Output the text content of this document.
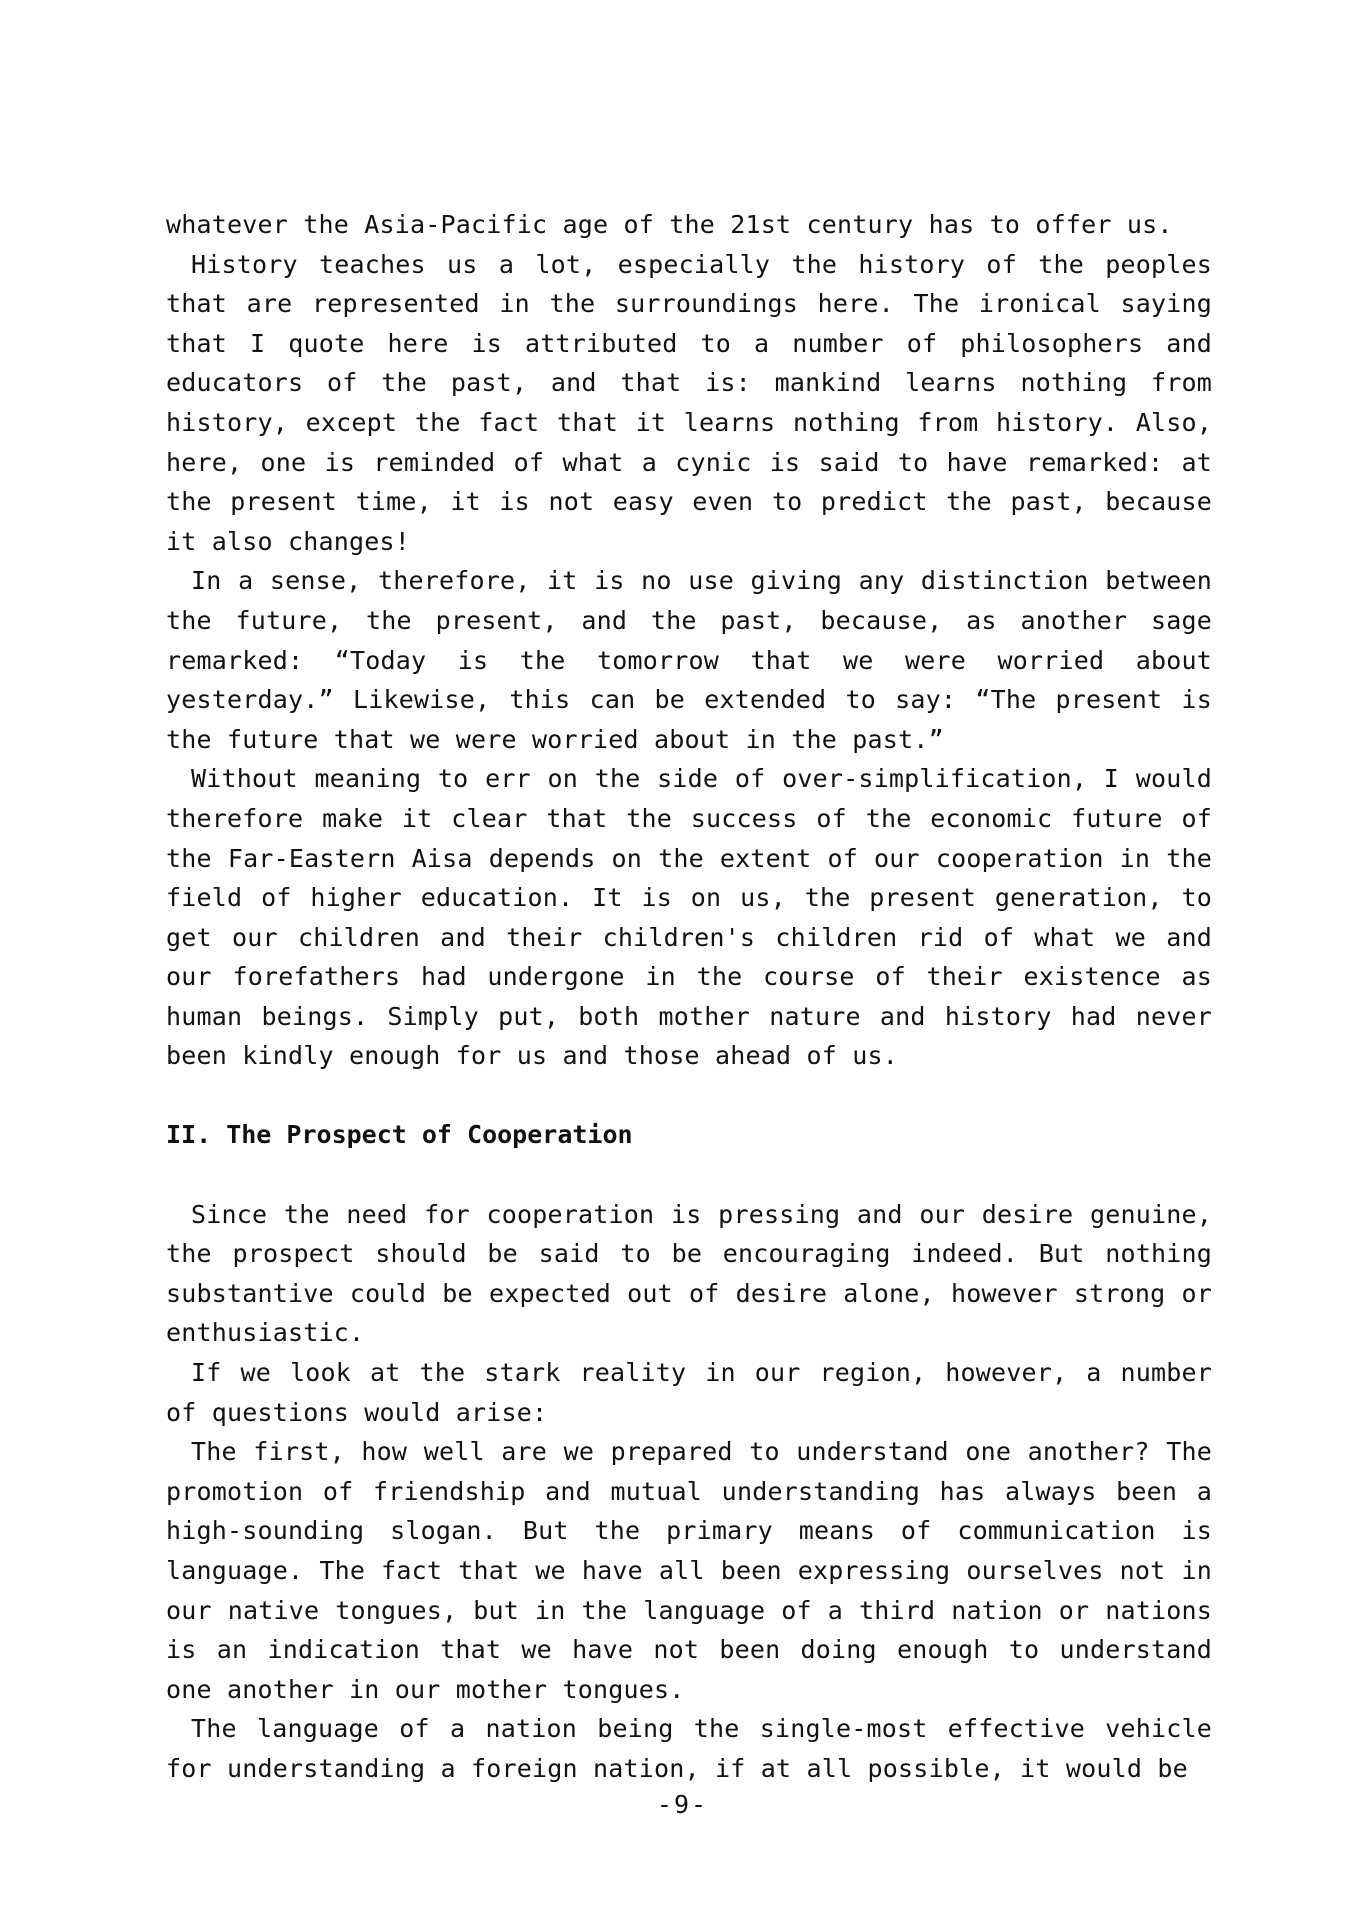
whatever the Asia-Pacific age of the 21st century has to offer us.

History teaches us a lot, especially the history of the peoples that are represented in the surroundings here. The ironical saying that I quote here is attributed to a number of philosophers and educators of the past, and that is: mankind learns nothing from history, except the fact that it learns nothing from history. Also, here, one is reminded of what a cynic is said to have remarked: at the present time, it is not easy even to predict the past, because it also changes!

In a sense, therefore, it is no use giving any distinction between the future, the present, and the past, because, as another sage remarked: “Today is the tomorrow that we were worried about yesterday.” Likewise, this can be extended to say: “The present is the future that we were worried about in the past.”

Without meaning to err on the side of over-simplification, I would therefore make it clear that the success of the economic future of the Far-Eastern Aisa depends on the extent of our cooperation in the field of higher education. It is on us, the present generation, to get our children and their children's children rid of what we and our forefathers had undergone in the course of their existence as human beings. Simply put, both mother nature and history had never been kindly enough for us and those ahead of us.

II. The Prospect of Cooperation

Since the need for cooperation is pressing and our desire genuine, the prospect should be said to be encouraging indeed. But nothing substantive could be expected out of desire alone, however strong or enthusiastic.

If we look at the stark reality in our region, however, a number of questions would arise:

The first, how well are we prepared to understand one another? The promotion of friendship and mutual understanding has always been a high-sounding slogan. But the primary means of communication is language. The fact that we have all been expressing ourselves not in our native tongues, but in the language of a third nation or nations is an indication that we have not been doing enough to understand one another in our mother tongues.

The language of a nation being the single-most effective vehicle for understanding a foreign nation, if at all possible, it would be

-9-
